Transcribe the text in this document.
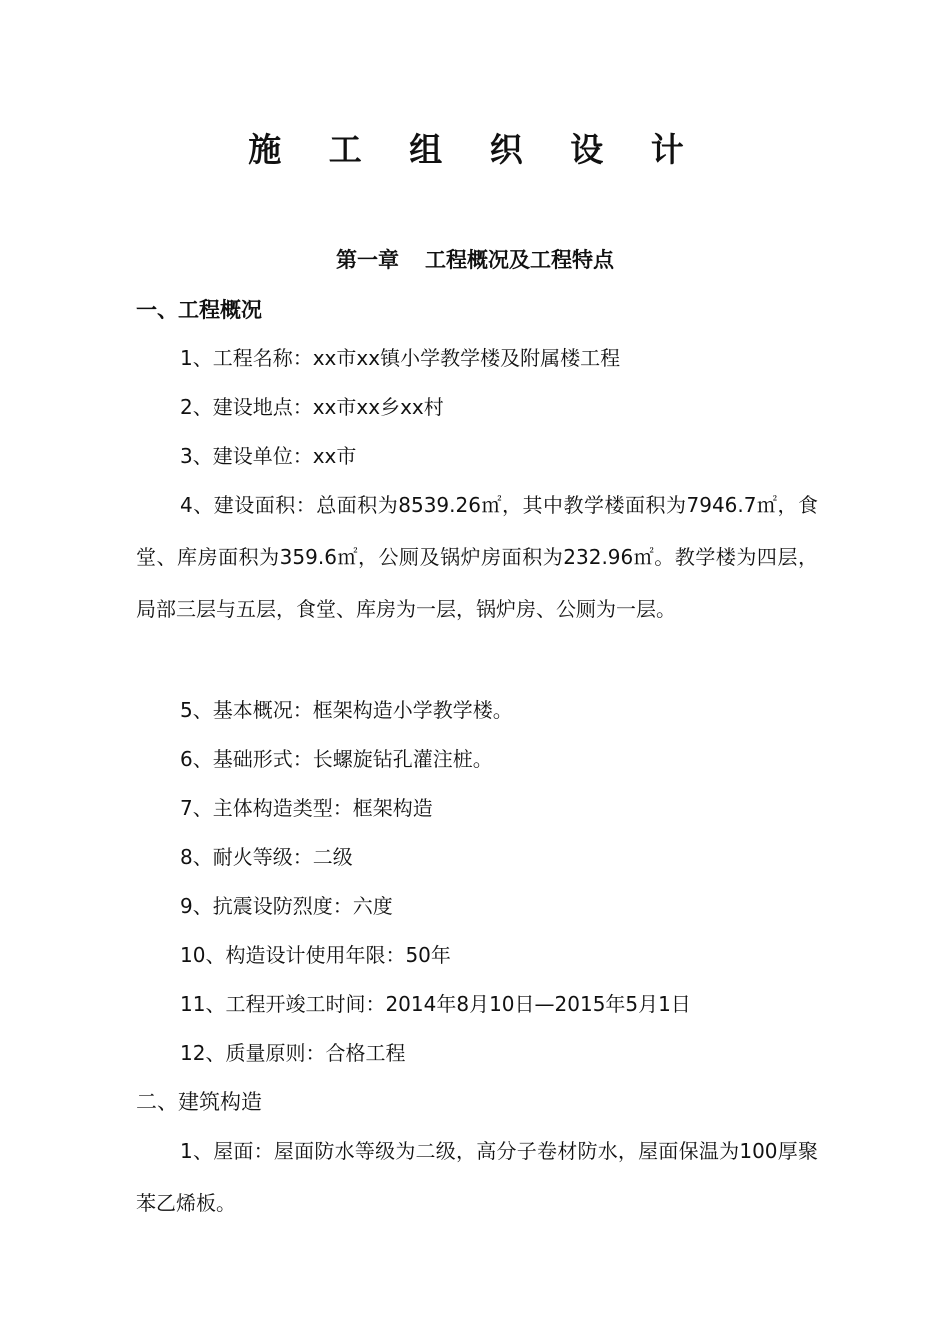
施 工 组 织 设 计
第一章 工程概况及工程特点
一、工程概况
1、工程名称：xx市xx镇小学教学楼及附属楼工程
2、建设地点：xx市xx乡xx村
3、建设单位：xx市
4、建设面积：总面积为8539.26㎡，其中教学楼面积为7946.7㎡，食堂、库房面积为359.6㎡，公厕及锅炉房面积为232.96㎡。教学楼为四层，局部三层与五层，食堂、库房为一层，锅炉房、公厕为一层。
5、基本概况：框架构造小学教学楼。
6、基础形式：长螺旋钻孔灌注桩。
7、主体构造类型：框架构造
8、耐火等级：二级
9、抗震设防烈度：六度
10、构造设计使用年限：50年
11、工程开竣工时间：2014年8月10日—2015年5月1日
12、质量原则：合格工程
二、建筑构造
1、屋面：屋面防水等级为二级，高分子卷材防水，屋面保温为100厚聚苯乙烯板。
